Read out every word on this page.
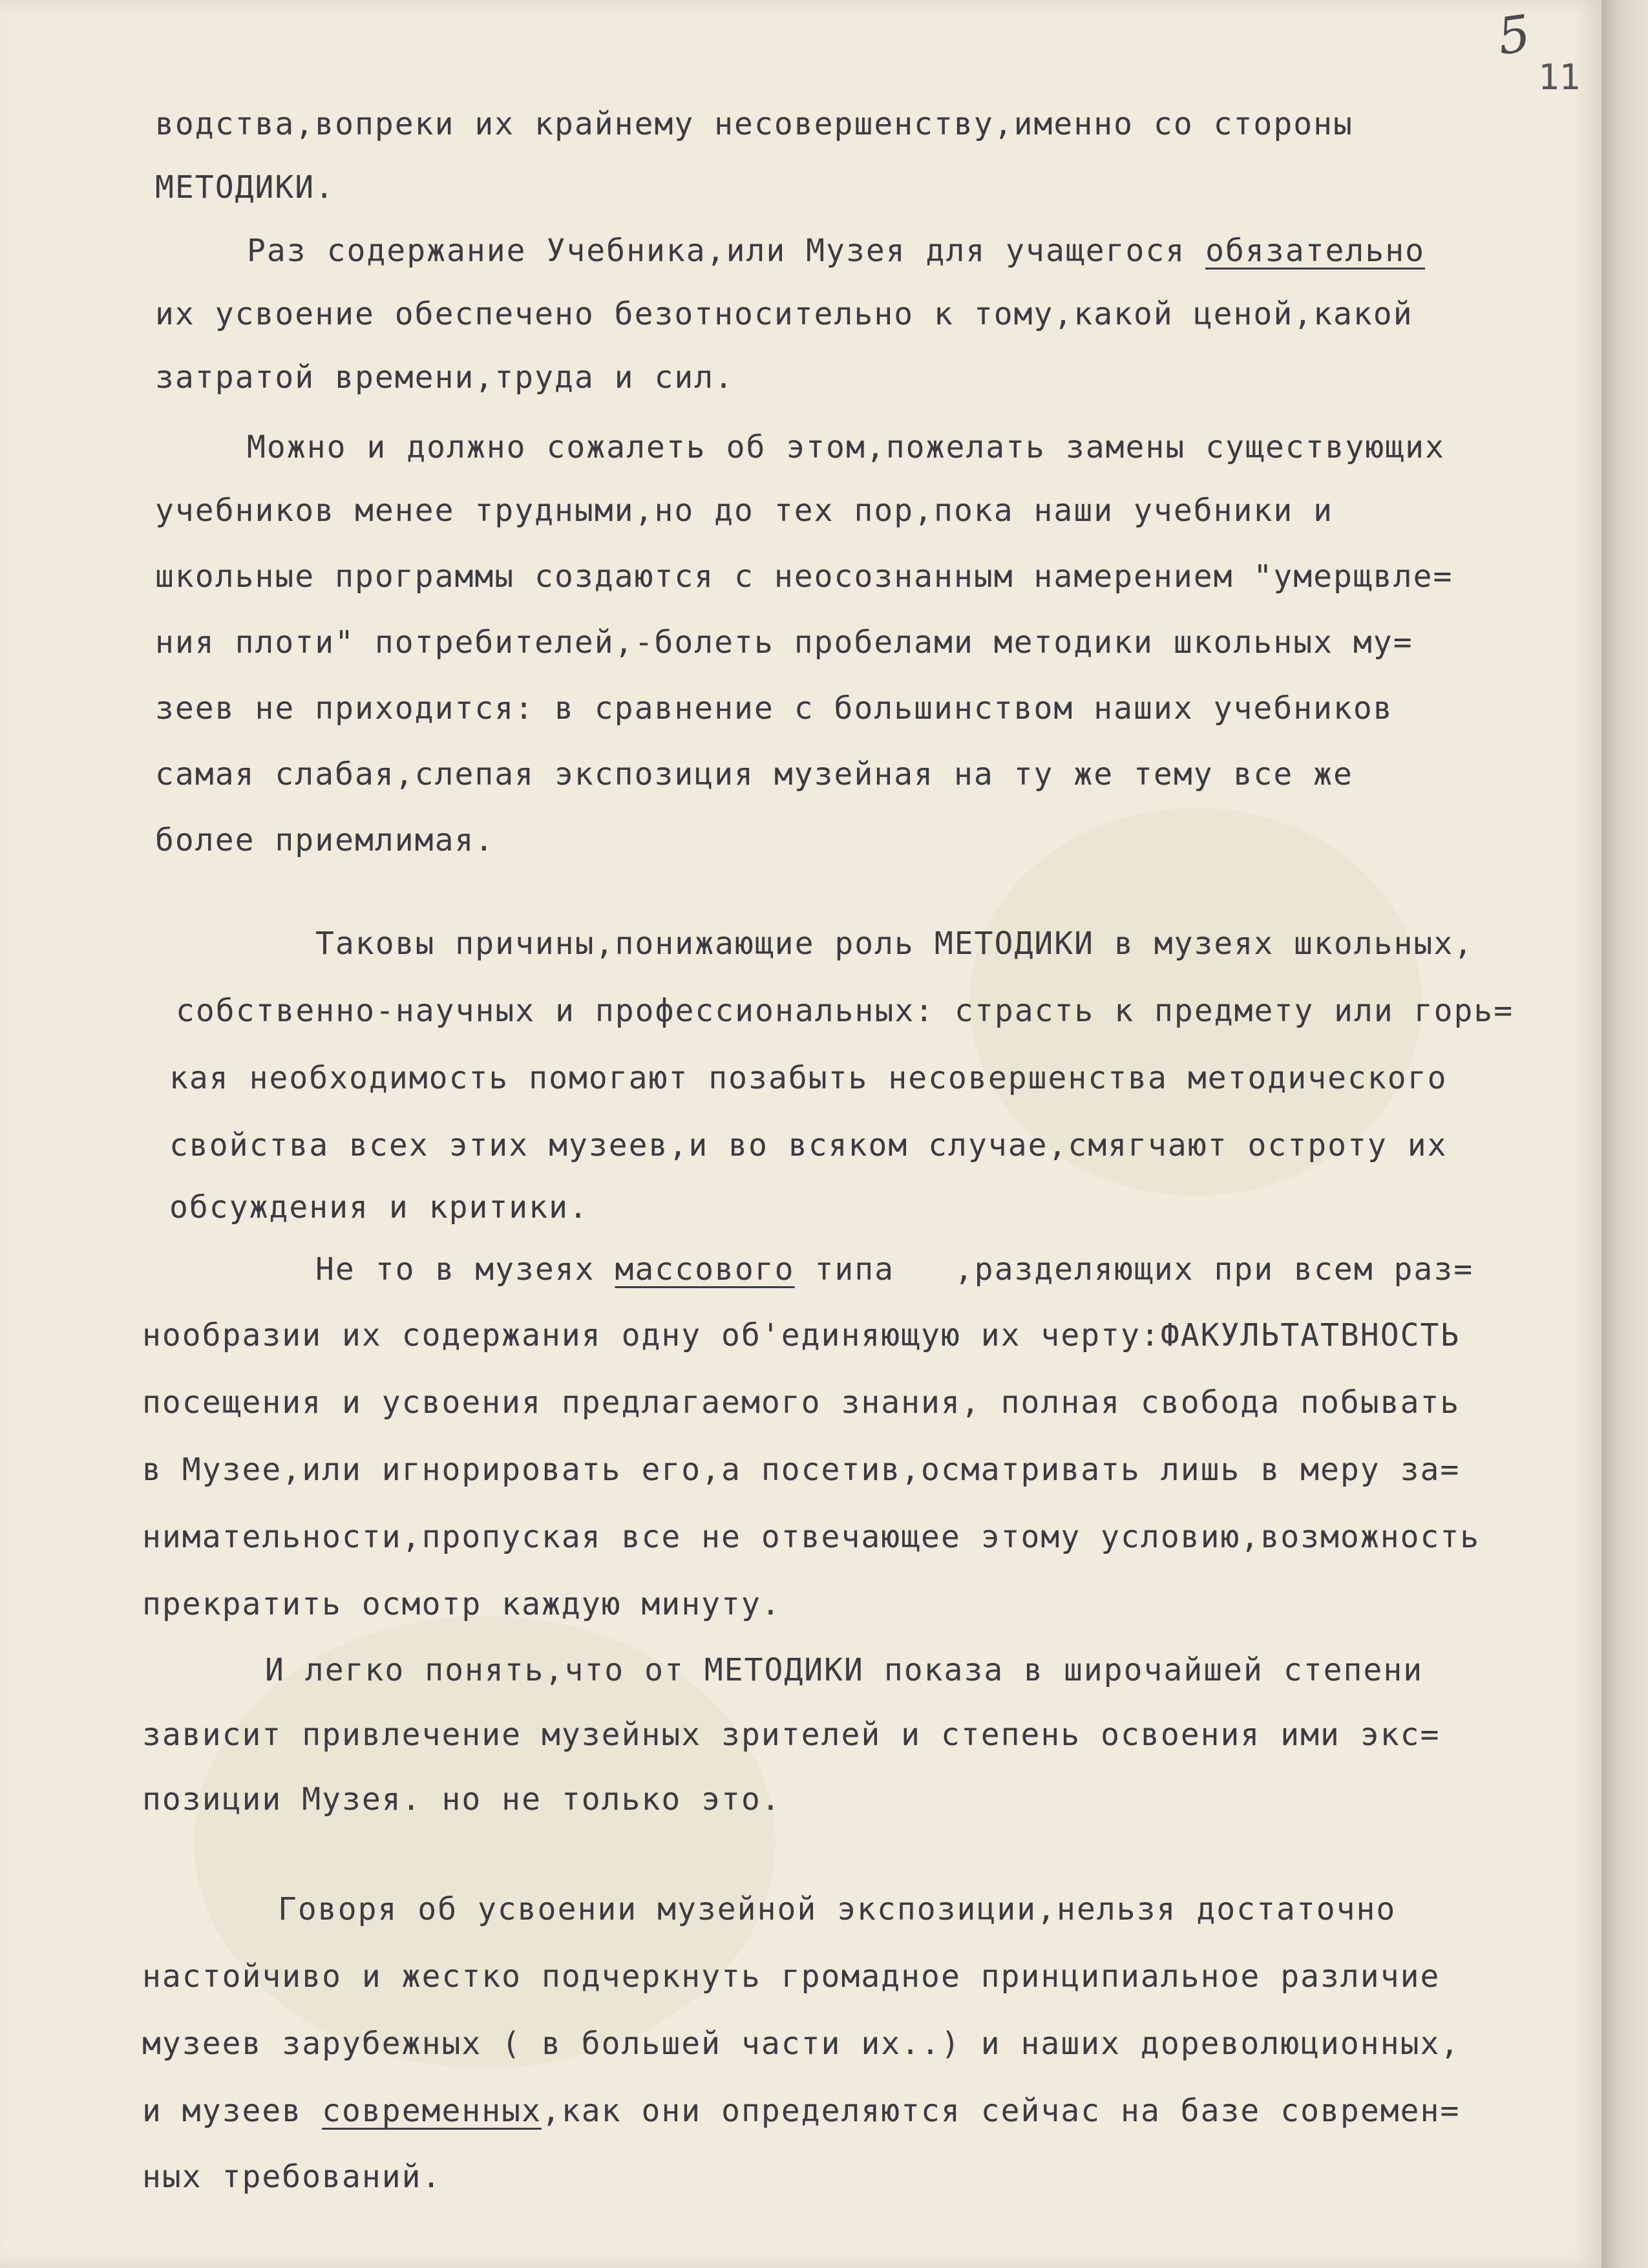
5
11
водства,вопреки их крайнему несовершенству,именно со стороны
МЕТОДИКИ.
Раз содержание Учебника,или Музея для учащегося обязательно
их усвоение обеспечено безотносительно к тому,какой ценой,какой
затратой времени,труда и сил.
Можно и должно сожалеть об этом,пожелать замены существующих
учебников менее трудными,но до тех пор,пока наши учебники и
школьные программы создаются с неосознанным намерением "умерщвле=
ния плоти" потребителей,-болеть пробелами методики школьных му=
зеев не приходится: в сравнение с большинством наших учебников
самая слабая,слепая экспозиция музейная на ту же тему все же
более приемлимая.
Таковы причины,понижающие роль МЕТОДИКИ в музеях школьных,
собственно-научных и профессиональных: страсть к предмету или горь=
кая необходимость помогают позабыть несовершенства методического
свойства всех этих музеев,и во всяком случае,смягчают остроту их
обсуждения и критики.
Не то в музеях массового типа   ,разделяющих при всем раз=
нообразии их содержания одну об'единяющую их черту:ФАКУЛЬТАТВНОСТЬ
посещения и усвоения предлагаемого знания, полная свобода побывать
в Музее,или игнорировать его,а посетив,осматривать лишь в меру за=
нимательности,пропуская все не отвечающее этому условию,возможность
прекратить осмотр каждую минуту.
И легко понять,что от МЕТОДИКИ показа в широчайшей степени
зависит привлечение музейных зрителей и степень освоения ими экс=
позиции Музея. но не только это.
Говоря об усвоении музейной экспозиции,нельзя достаточно
настойчиво и жестко подчеркнуть громадное принципиальное различие
музеев зарубежных ( в большей части их..) и наших дореволюционных,
и музеев современных,как они определяются сейчас на базе современ=
ных требований.
